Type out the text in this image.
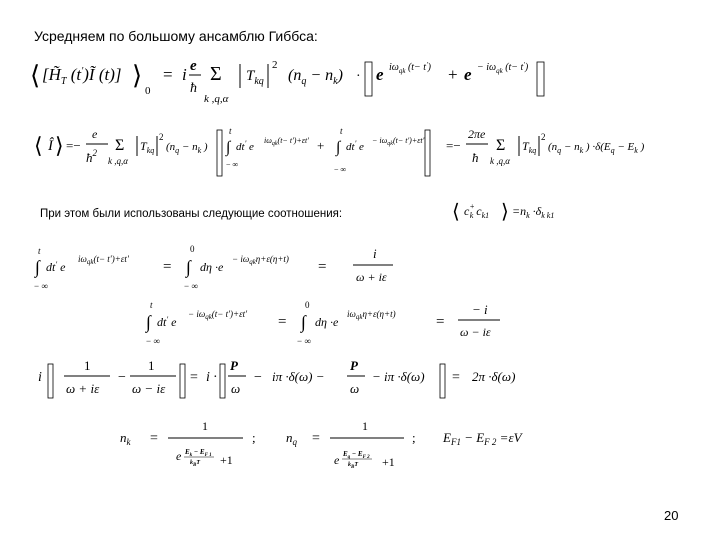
Усредняем по большому ансамблю Гиббса:
При этом были использованы следующие соотношения:
20
⟨ [$H̃_T$ (t')Ĩ (t)] ⟩
0
= i e
ħ
Σ
k ,q,α
$T_{kq}$
2
$(n_q - n_k) \cdot e$ $i\omega_{qk}$ $(t- t') + e - i\omega_{qk}$ (t− t')
⟨ Î ⟩ =−
e
$ħ^2$ Σ
k ,q,α
$T_{kq}$
2
($n_q - n_k$ )
t
∫ dt' e
$i\omega_{qk}(t- t')+\varepsilon t'$
− ∞
+
t
∫ dt' e
− $i\omega_{qk}(t- t')+\varepsilon t'$
− ∞
=−
2πe
ħ
Σ
k ,q,α
$T_{kq}$
2
($n_q - n_k$ ) $\cdot\delta(E_q - E_k$ )
⟨ c+ k $c_{k1}$ ⟩ $=n_k \cdot\delta_{k k1}$
t
∫ dt' e
$i\omega_{qk}(t- t')+\varepsilon t'$
− ∞
=
0
∫ dη ·e
− $i\omega_{qk}\eta+\varepsilon(\eta+t)$
− ∞
=
i
ω + iε
t
∫ dt' e
− $i\omega_{qk}(t- t')+\varepsilon t'$
− ∞
=
0
∫ dη ·e
$i\omega_{qk}\eta+\varepsilon(\eta+t)$
− ∞
=
− i
ω − iε
i
1
ω + iε
−
1
ω − iε
= i ·
P
ω
− iπ ·δ(ω) −
P
ω
− iπ ·δ(ω) = 2π ·δ(ω)
$n_k$ =
1
e $E_k - E_{F 1}$
$k_BT +1$
; $n_q$ =
1
e $E_q - E_{F 2}$
$k_BT +1$
; $E_{F1} - E_{F 2} =\varepsilon V$
